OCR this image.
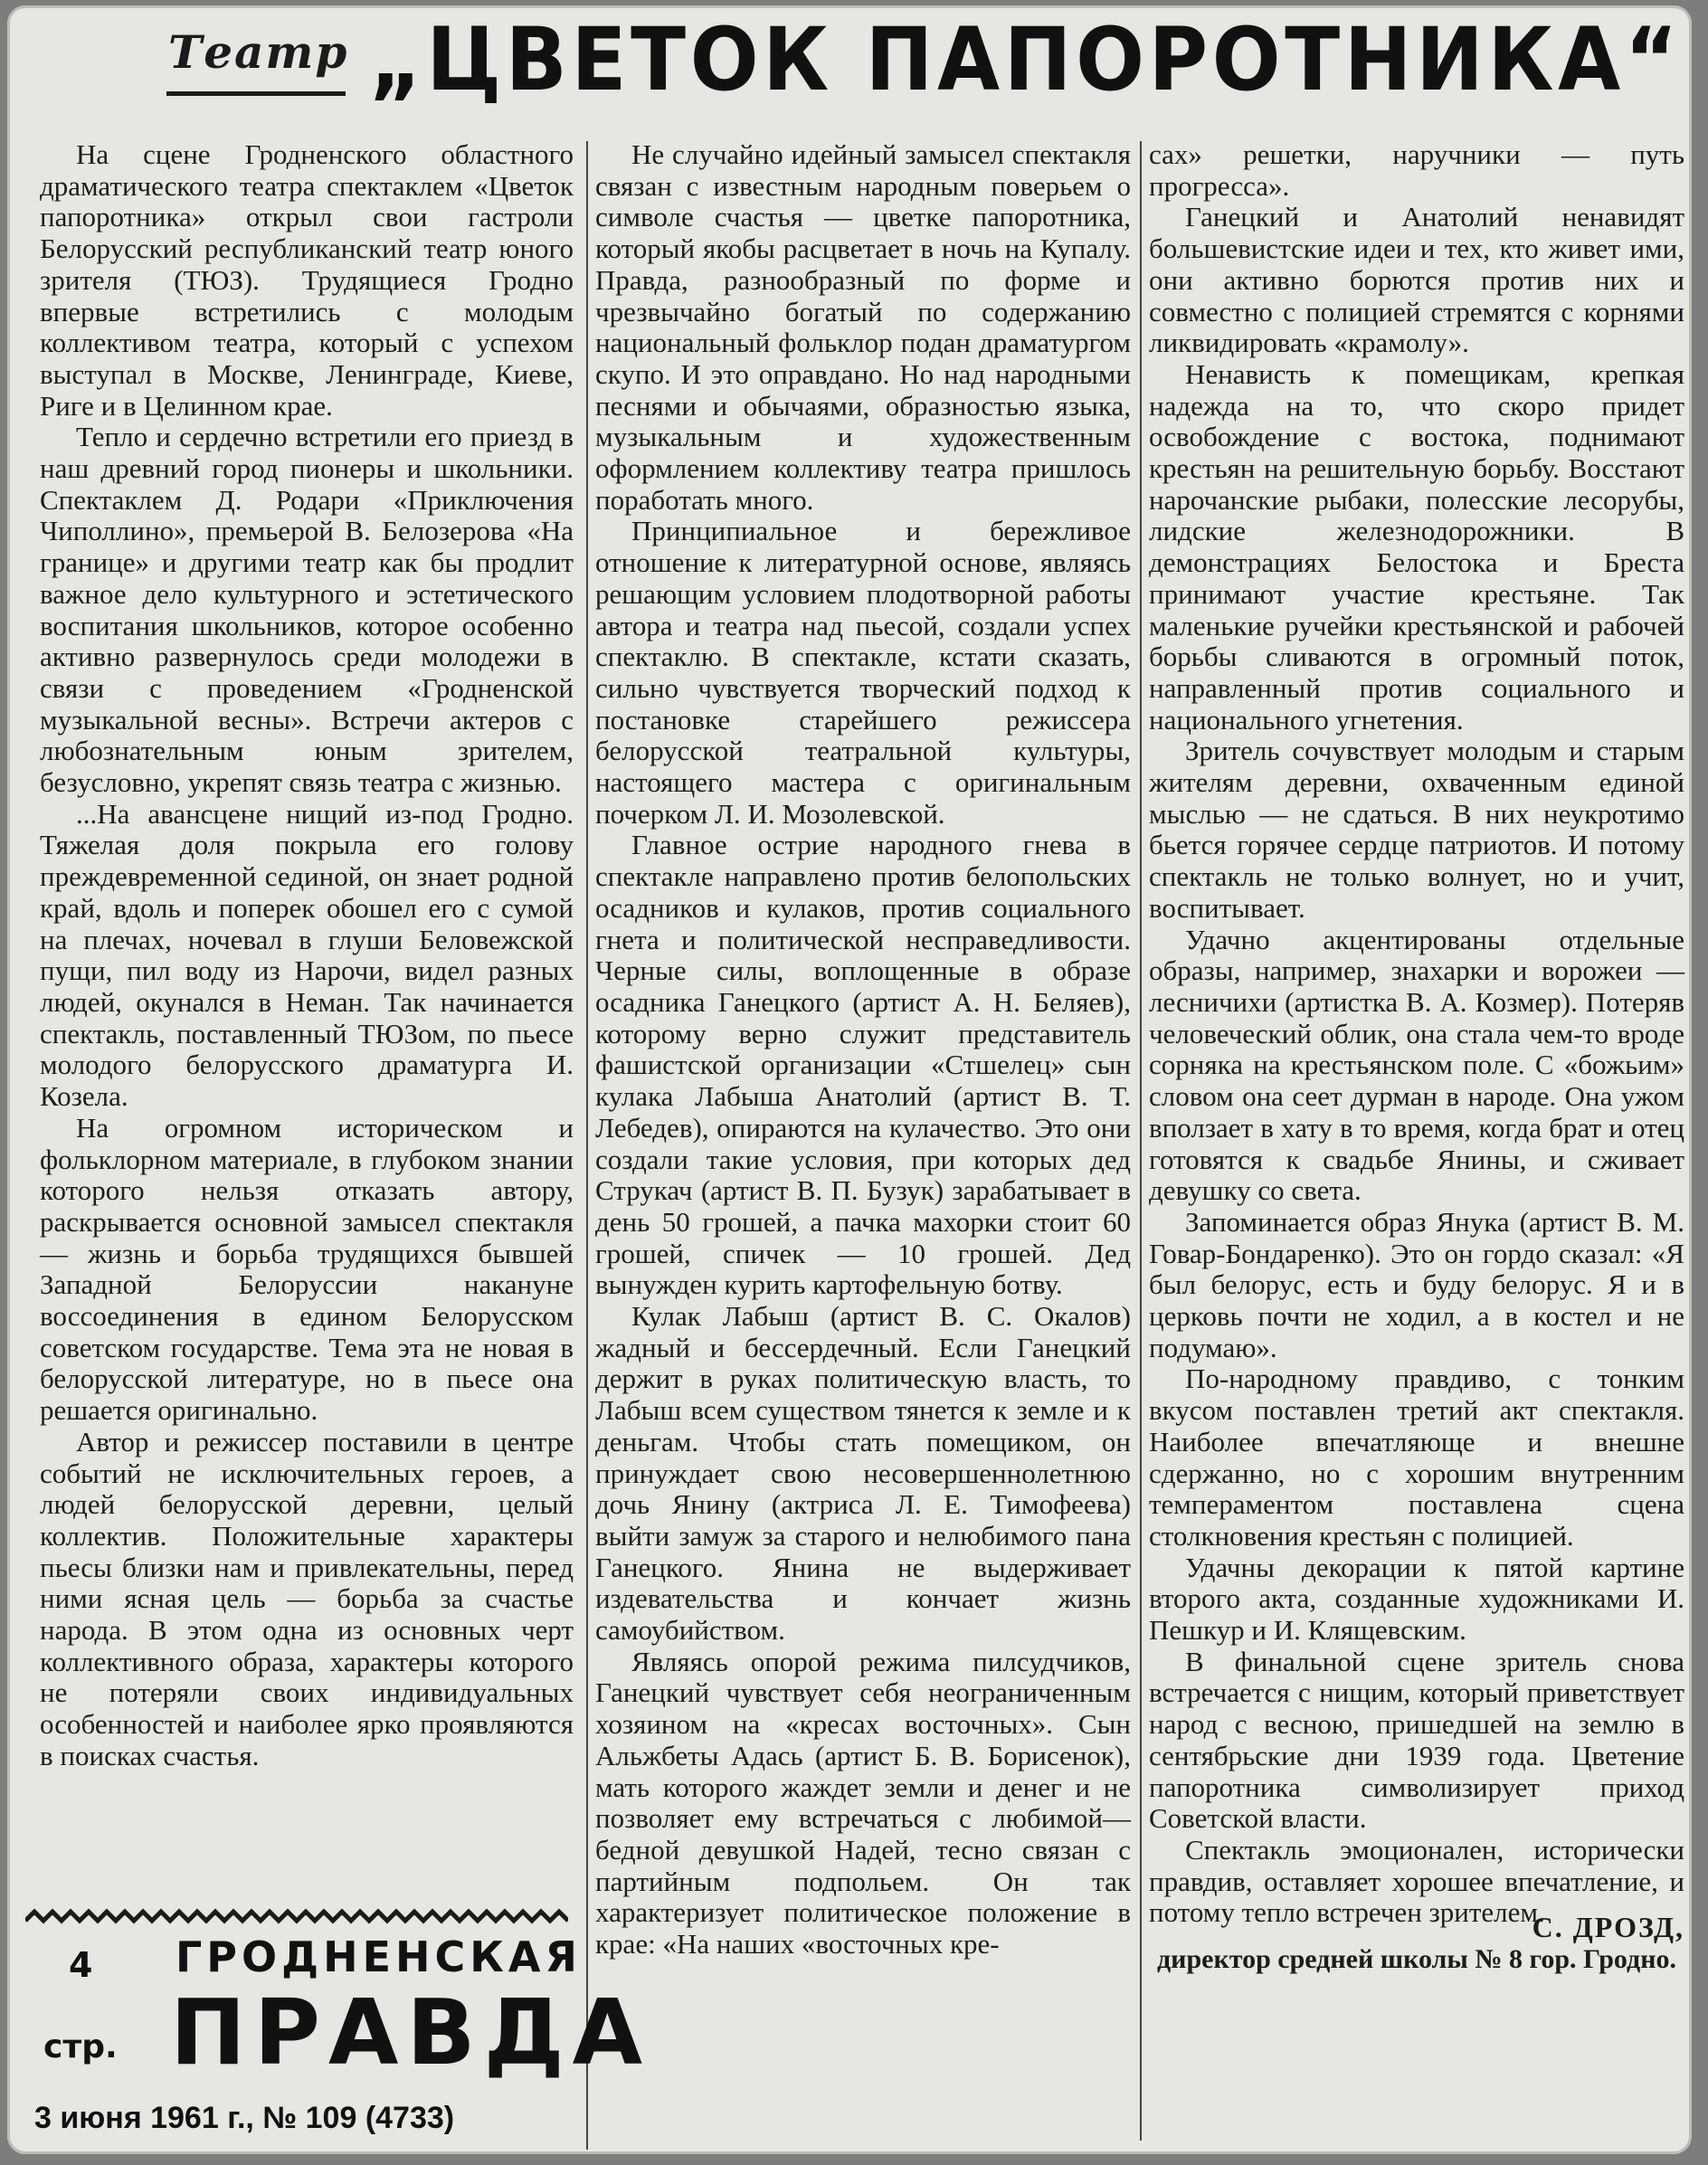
Театр „ЦВЕТОК ПАПОРОТНИКА“

На сцене Гродненского областного драматического театра спектаклем «Цветок папоротника» открыл свои гастроли Белорусский республиканский театр юного зрителя (ТЮЗ). Трудящиеся Гродно впервые встретились с молодым коллективом театра, который с успехом выступал в Москве, Ленинграде, Киеве, Риге и в Целинном крае.

Тепло и сердечно встретили его приезд в наш древний город пионеры и школьники. Спектаклем Д. Родари «Приключения Чиполлино», премьерой В. Белозерова «На границе» и другими театр как бы продлит важное дело культурного и эстетического воспитания школьников, которое особенно активно развернулось среди молодежи в связи с проведением «Гродненской музыкальной весны». Встречи актеров с любознательным юным зрителем, безусловно, укрепят связь театра с жизнью.

...На авансцене нищий из-под Гродно. Тяжелая доля покрыла его голову преждевременной сединой, он знает родной край, вдоль и поперек обошел его с сумой на плечах, ночевал в глуши Беловежской пущи, пил воду из Нарочи, видел разных людей, окунался в Неман. Так начинается спектакль, поставленный ТЮЗом, по пьесе молодого белорусского драматурга И. Козела.

На огромном историческом и фольклорном материале, в глубоком знании которого нельзя отказать автору, раскрывается основной замысел спектакля — жизнь и борьба трудящихся бывшей Западной Белоруссии накануне воссоединения в едином Белорусском советском государстве. Тема эта не новая в белорусской литературе, но в пьесе она решается оригинально.

Автор и режиссер поставили в центре событий не исключительных героев, а людей белорусской деревни, целый коллектив. Положительные характеры пьесы близки нам и привлекательны, перед ними ясная цель — борьба за счастье народа. В этом одна из основных черт коллективного образа, характеры которого не потеряли своих индивидуальных особенностей и наиболее ярко проявляются в поисках счастья.

Не случайно идейный замысел спектакля связан с известным народным поверьем о символе счастья — цветке папоротника, который якобы расцветает в ночь на Купалу. Правда, разнообразный по форме и чрезвычайно богатый по содержанию национальный фольклор подан драматургом скупо. И это оправдано. Но над народными песнями и обычаями, образностью языка, музыкальным и художественным оформлением коллективу театра пришлось поработать много.

Принципиальное и бережливое отношение к литературной основе, являясь решающим условием плодотворной работы автора и театра над пьесой, создали успех спектаклю. В спектакле, кстати сказать, сильно чувствуется творческий подход к постановке старейшего режиссера белорусской театральной культуры, настоящего мастера с оригинальным почерком Л. И. Мозолевской.

Главное острие народного гнева в спектакле направлено против белопольских осадников и кулаков, против социального гнета и политической несправедливости. Черные силы, воплощенные в образе осадника Ганецкого (артист А. Н. Беляев), которому верно служит представитель фашистской организации «Стшелец» сын кулака Лабыша Анатолий (артист В. Т. Лебедев), опираются на кулачество. Это они создали такие условия, при которых дед Струкач (артист В. П. Бузук) зарабатывает в день 50 грошей, а пачка махорки стоит 60 грошей, спичек — 10 грошей. Дед вынужден курить картофельную ботву.

Кулак Лабыш (артист В. С. Окалов) жадный и бессердечный. Если Ганецкий держит в руках политическую власть, то Лабыш всем существом тянется к земле и к деньгам. Чтобы стать помещиком, он принуждает свою несовершеннолетнюю дочь Янину (актриса Л. Е. Тимофеева) выйти замуж за старого и нелюбимого пана Ганецкого. Янина не выдерживает издевательства и кончает жизнь самоубийством.

Являясь опорой режима пилсудчиков, Ганецкий чувствует себя неограниченным хозяином на «кресах восточных». Сын Альжбеты Адась (артист Б. В. Борисенок), мать которого жаждет земли и денег и не позволяет ему встречаться с любимой—бедной девушкой Надей, тесно связан с партийным подпольем. Он так характеризует политическое положение в крае: «На наших «восточных кре-

сах» решетки, наручники — путь прогресса».

Ганецкий и Анатолий ненавидят большевистские идеи и тех, кто живет ими, они активно борются против них и совместно с полицией стремятся с корнями ликвидировать «крамолу».

Ненависть к помещикам, крепкая надежда на то, что скоро придет освобождение с востока, поднимают крестьян на решительную борьбу. Восстают нарочанские рыбаки, полесские лесорубы, лидские железнодорожники. В демонстрациях Белостока и Бреста принимают участие крестьяне. Так маленькие ручейки крестьянской и рабочей борьбы сливаются в огромный поток, направленный против социального и национального угнетения.

Зритель сочувствует молодым и старым жителям деревни, охваченным единой мыслью — не сдаться. В них неукротимо бьется горячее сердце патриотов. И потому спектакль не только волнует, но и учит, воспитывает.

Удачно акцентированы отдельные образы, например, знахарки и ворожеи — лесничихи (артистка В. А. Козмер). Потеряв человеческий облик, она стала чем-то вроде сорняка на крестьянском поле. С «божьим» словом она сеет дурман в народе. Она ужом вползает в хату в то время, когда брат и отец готовятся к свадьбе Янины, и сживает девушку со света.

Запоминается образ Янука (артист В. М. Говар-Бондаренко). Это он гордо сказал: «Я был белорус, есть и буду белорус. Я и в церковь почти не ходил, а в костел и не подумаю».

По-народному правдиво, с тонким вкусом поставлен третий акт спектакля. Наиболее впечатляюще и внешне сдержанно, но с хорошим внутренним темпераментом поставлена сцена столкновения крестьян с полицией.

Удачны декорации к пятой картине второго акта, созданные художниками И. Пешкур и И. Клящевским.

В финальной сцене зритель снова встречается с нищим, который приветствует народ с весною, пришедшей на землю в сентябрьские дни 1939 года. Цветение папоротника символизирует приход Советской власти.

Спектакль эмоционален, исторически правдив, оставляет хорошее впечатление, и потому тепло встречен зрителем.

С. ДРОЗД,
директор средней школы № 8 гор. Гродно.
4
стр.
ГРОДНЕНСКАЯ
ПРАВДА
3 июня 1961 г., № 109 (4733)
